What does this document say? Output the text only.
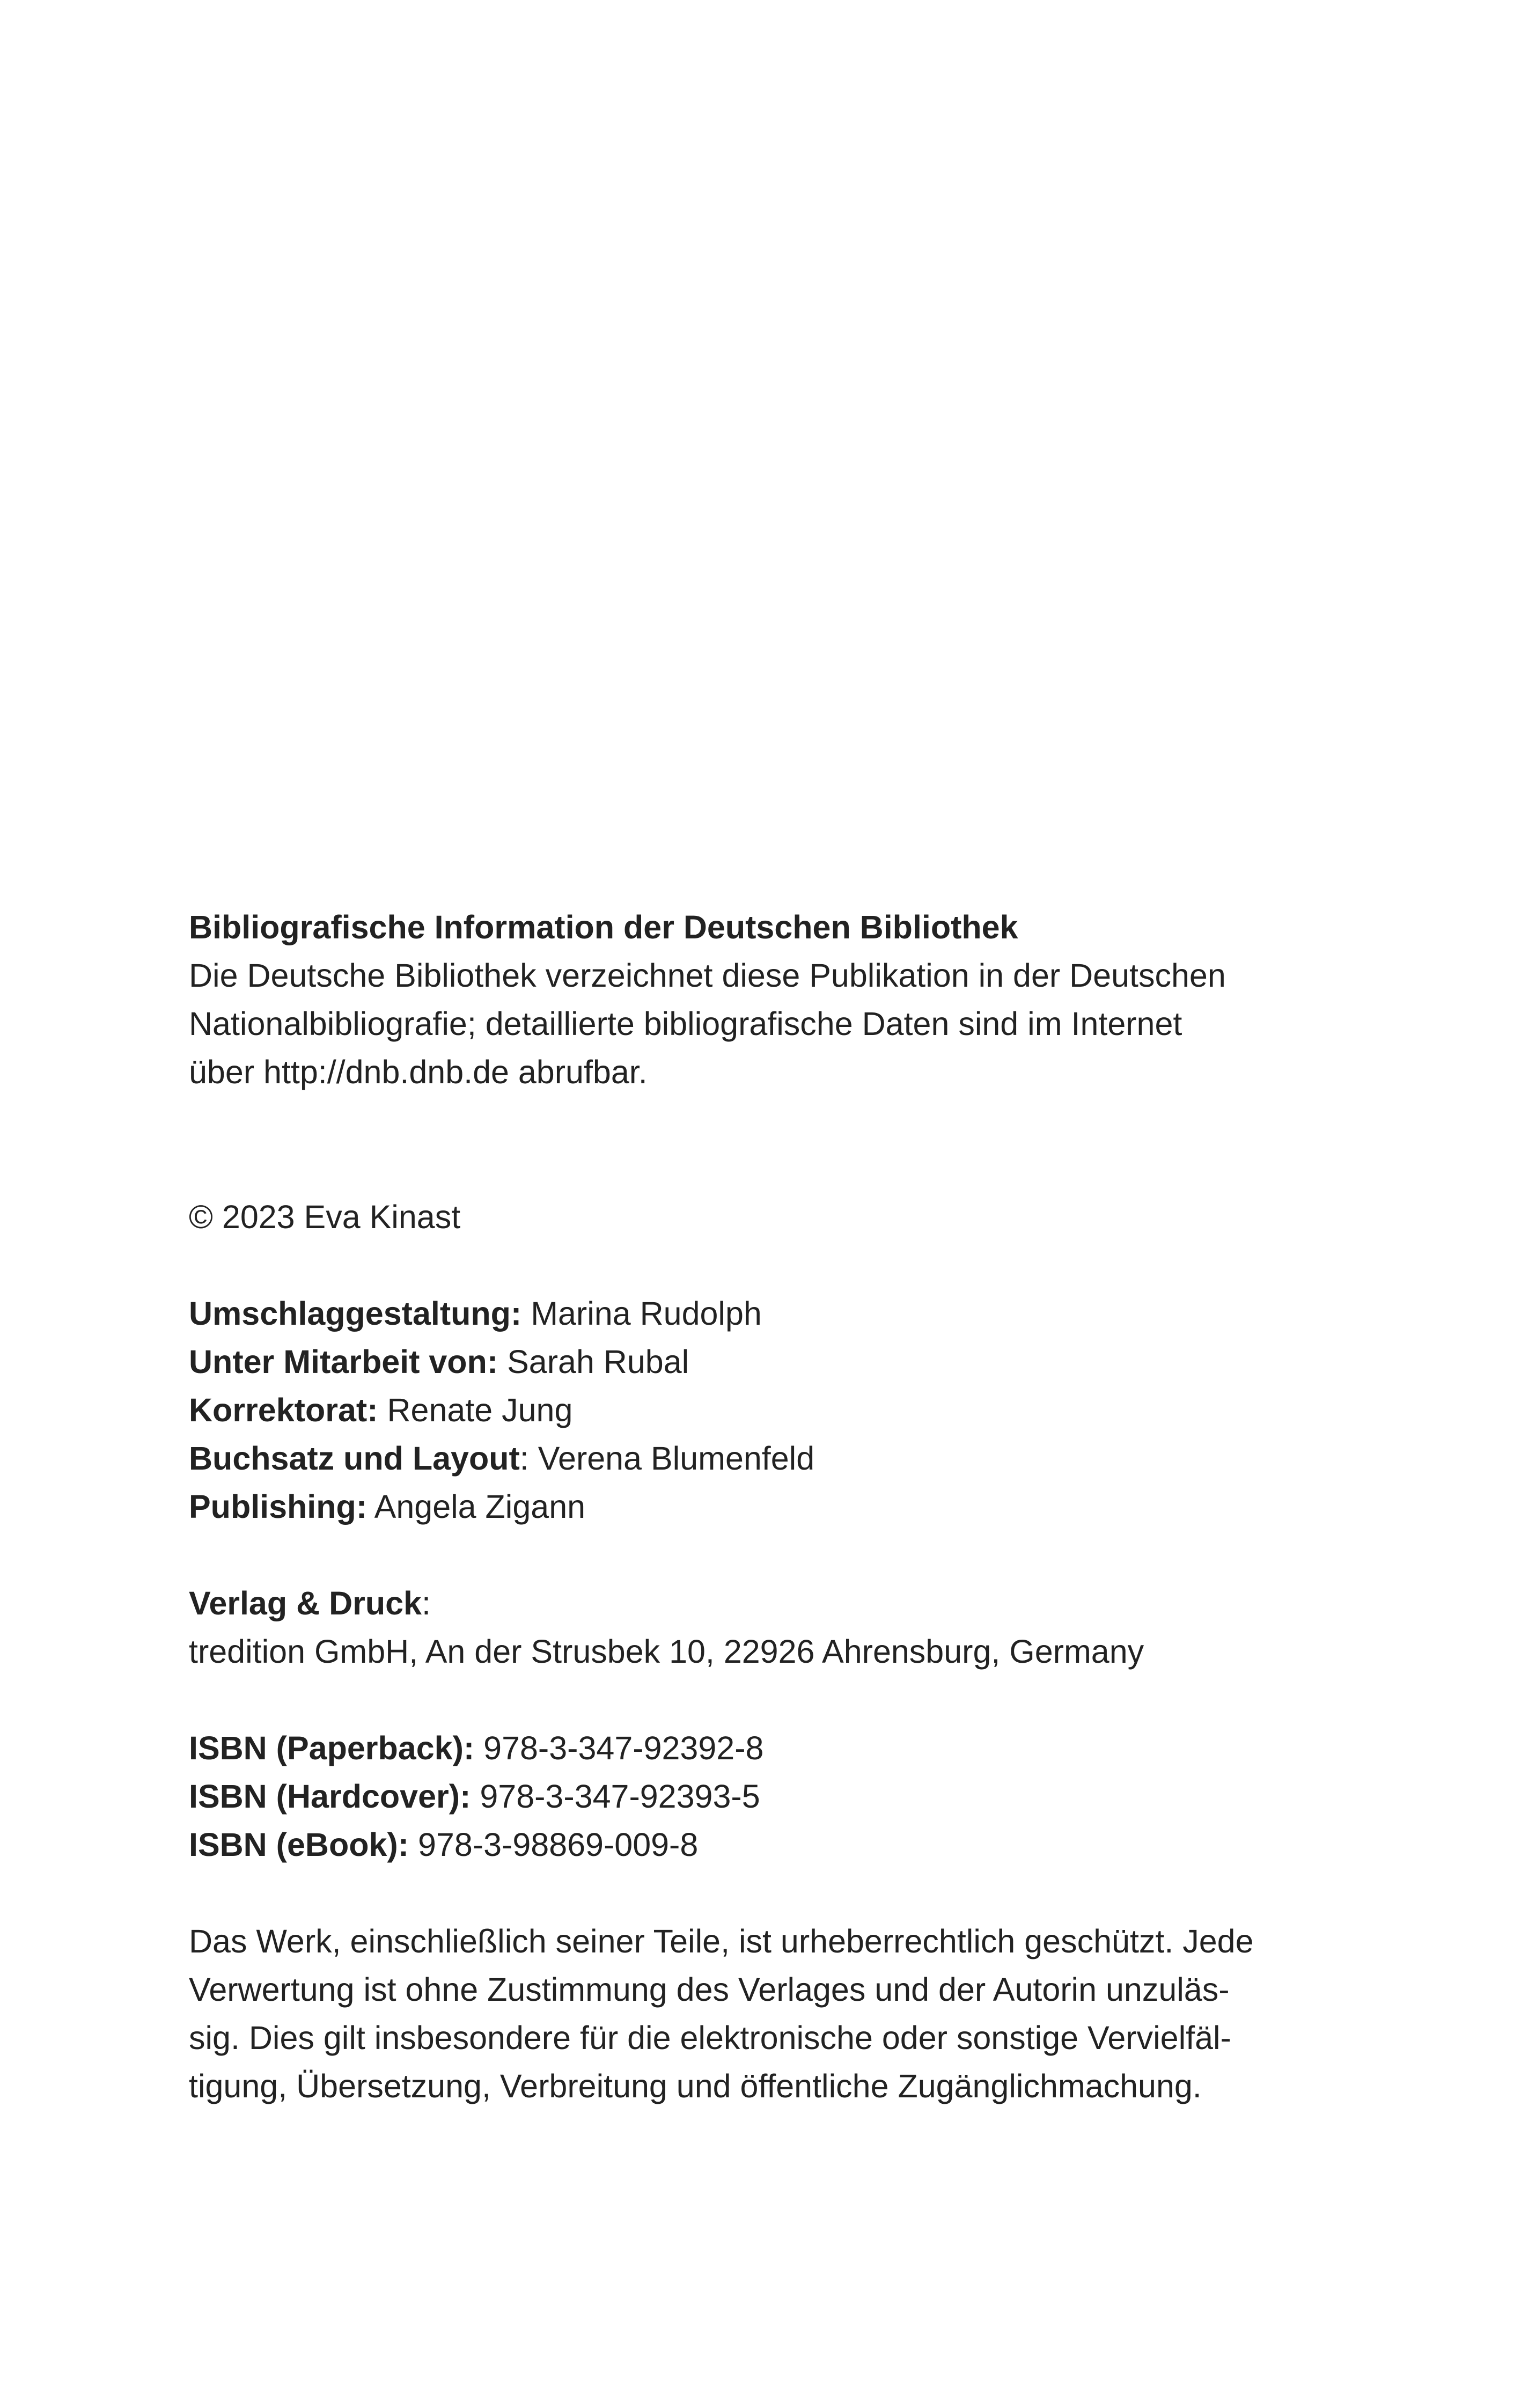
Bibliografische Information der Deutschen Bibliothek
Die Deutsche Bibliothek verzeichnet diese Publikation in der Deutschen
Nationalbibliografie; detaillierte bibliografische Daten sind im Internet
über http://dnb.dnb.de abrufbar.
© 2023 Eva Kinast
Umschlaggestaltung: Marina Rudolph
Unter Mitarbeit von: Sarah Rubal
Korrektorat: Renate Jung
Buchsatz und Layout: Verena Blumenfeld
Publishing: Angela Zigann
Verlag & Druck:
tredition GmbH, An der Strusbek 10, 22926 Ahrensburg, Germany
ISBN (Paperback): 978-3-347-92392-8
ISBN (Hardcover): 978-3-347-92393-5
ISBN (eBook): 978-3-98869-009-8
Das Werk, einschließlich seiner Teile, ist urheberrechtlich geschützt. Jede
Verwertung ist ohne Zustimmung des Verlages und der Autorin unzuläs-
sig. Dies gilt insbesondere für die elektronische oder sonstige Vervielfäl-
tigung, Übersetzung, Verbreitung und öffentliche Zugänglichmachung.
